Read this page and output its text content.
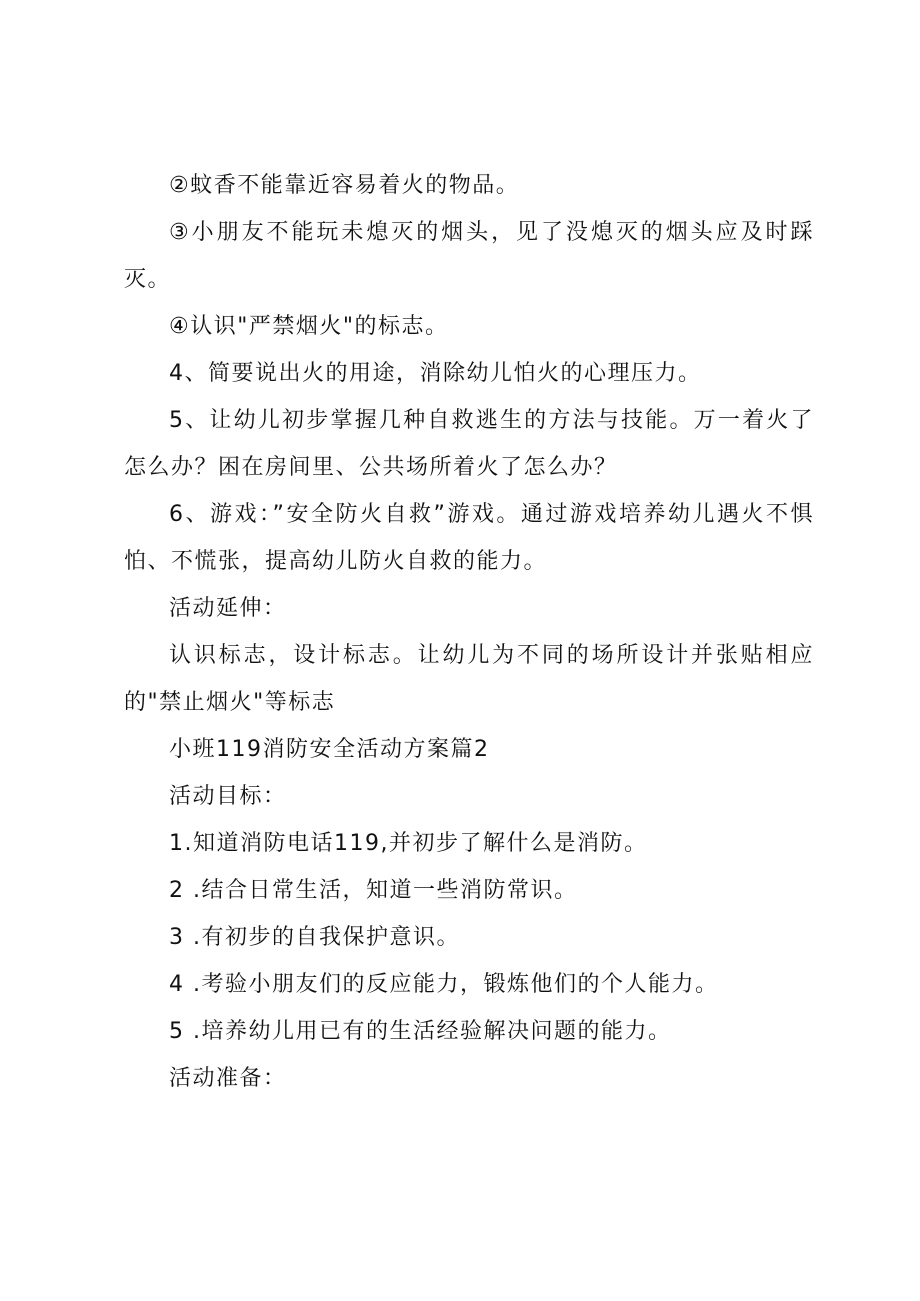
②蚊香不能靠近容易着火的物品。

③小朋友不能玩未熄灭的烟头，见了没熄灭的烟头应及时踩灭。

④认识"严禁烟火"的标志。

4、简要说出火的用途，消除幼儿怕火的心理压力。

5、让幼儿初步掌握几种自救逃生的方法与技能。万一着火了怎么办？困在房间里、公共场所着火了怎么办？

6、游戏：”安全防火自救”游戏。通过游戏培养幼儿遇火不惧怕、不慌张，提高幼儿防火自救的能力。

活动延伸：

认识标志，设计标志。让幼儿为不同的场所设计并张贴相应的"禁止烟火"等标志

小班119消防安全活动方案篇2

活动目标：

1.知道消防电话119,并初步了解什么是消防。

2 .结合日常生活，知道一些消防常识。

3 .有初步的自我保护意识。

4 .考验小朋友们的反应能力，锻炼他们的个人能力。

5 .培养幼儿用已有的生活经验解决问题的能力。

活动准备：
